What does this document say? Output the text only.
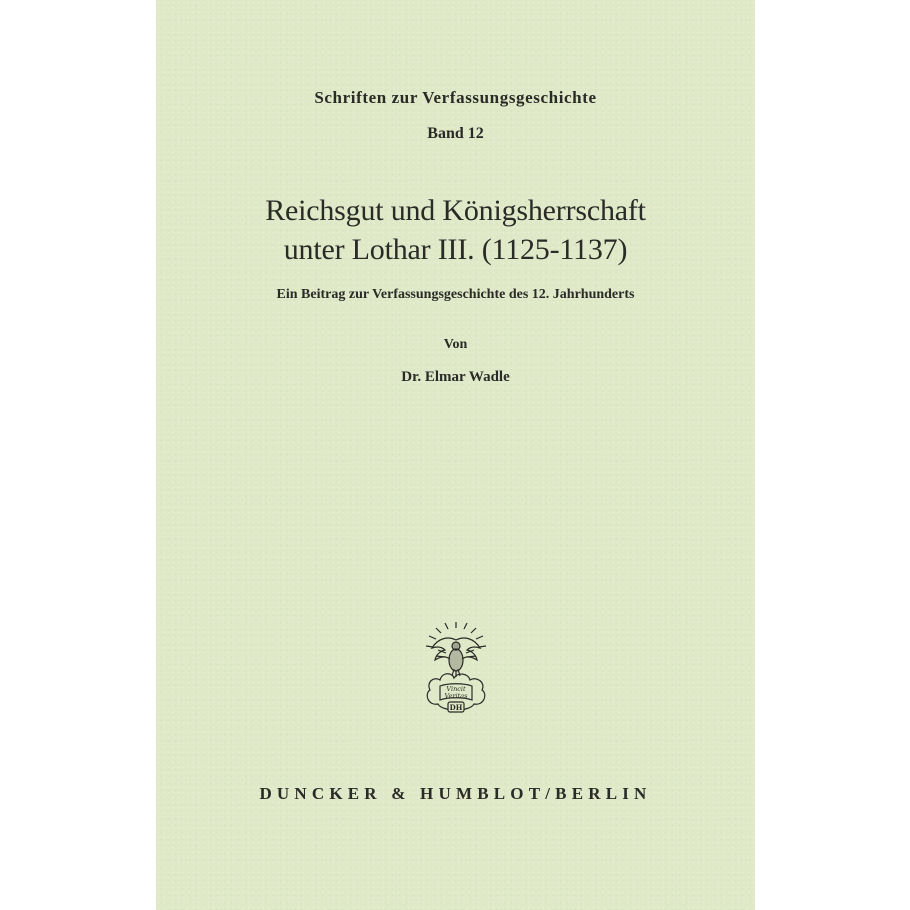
Schriften zur Verfassungsgeschichte
Band 12
Reichsgut und Königsherrschaft
unter Lothar III. (1125-1137)
Ein Beitrag zur Verfassungsgeschichte des 12. Jahrhunderts
Von
Dr. Elmar Wadle
Vincit
Veritas
DH
DUNCKER & HUMBLOT/BERLIN
